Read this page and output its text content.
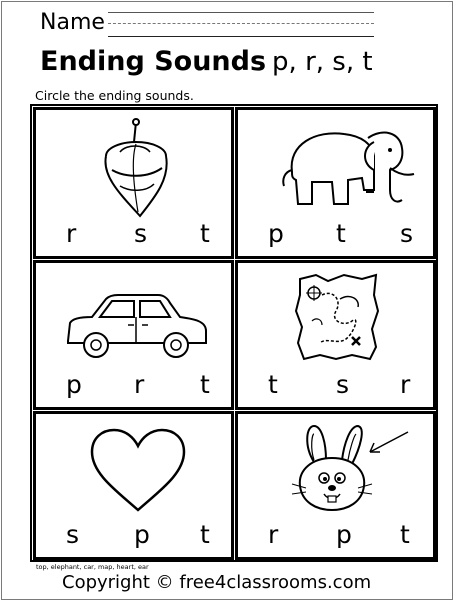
Name
Ending Sounds p, r, s, t
Circle the ending sounds.
r s t p t s
p r t t s r
s p t r p t
top, elephant, car, map, heart, ear
Copyright © free4classrooms.com
